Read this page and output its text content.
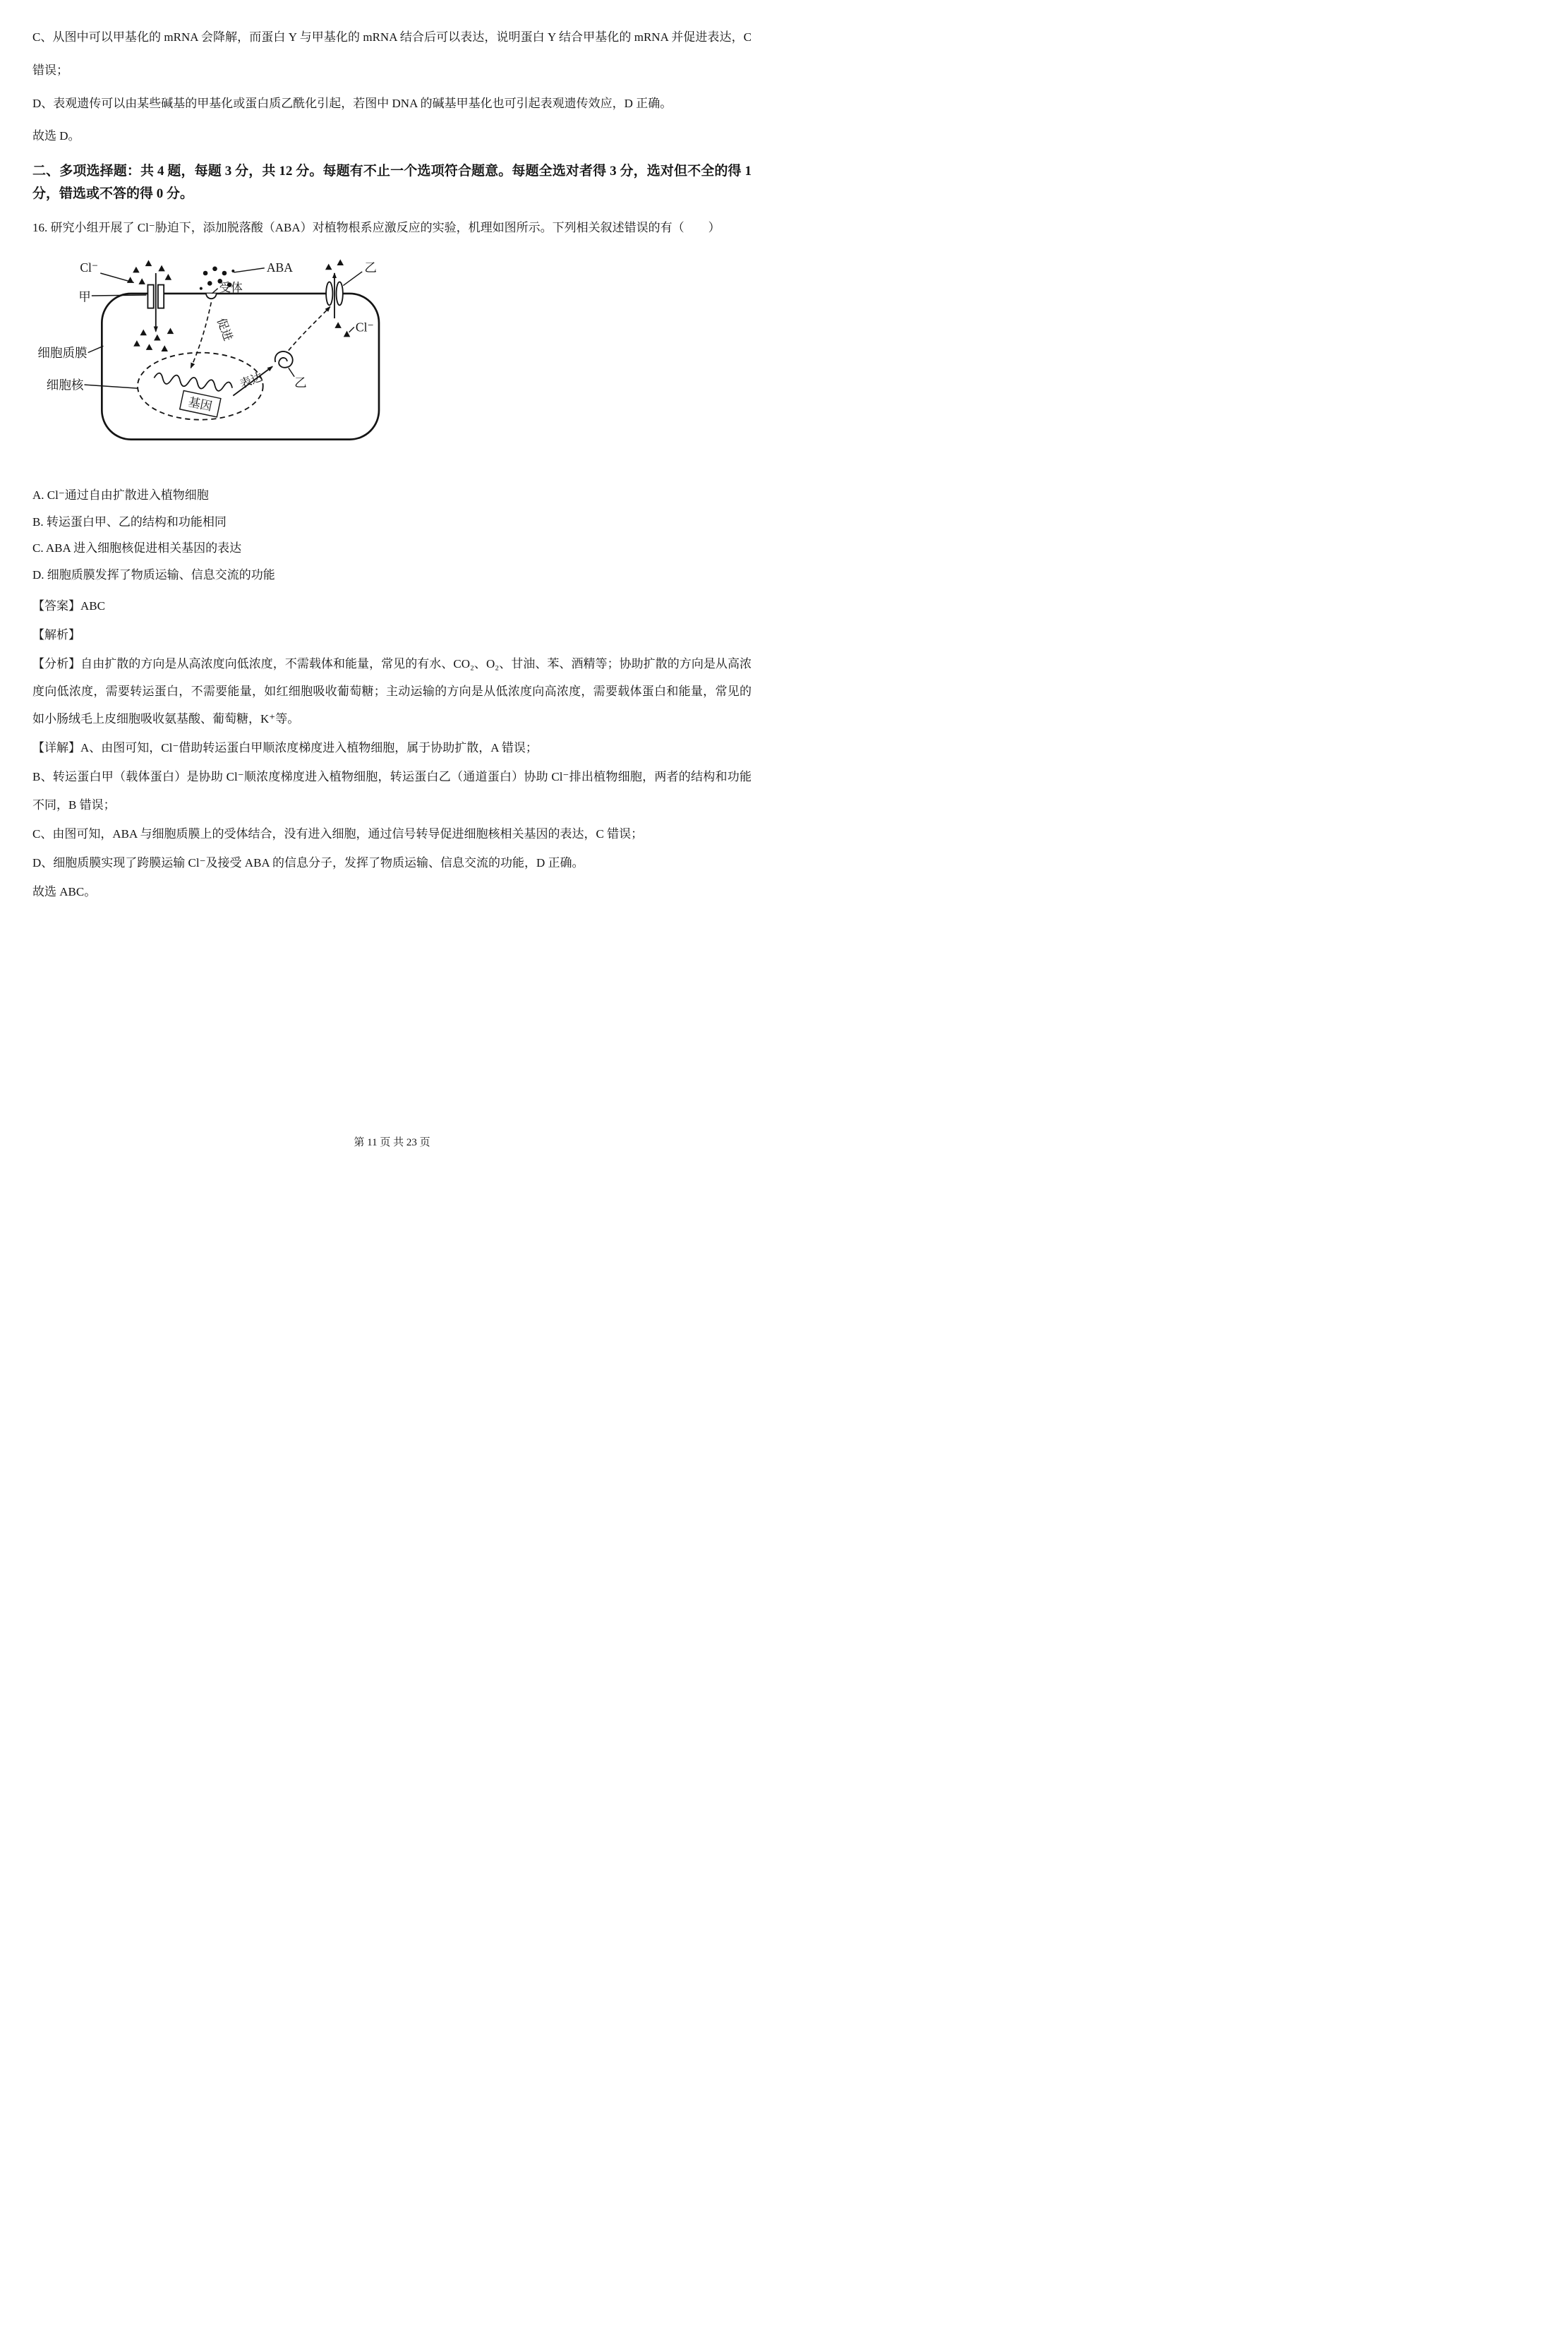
C、从图中可以甲基化的 mRNA 会降解，而蛋白 Y 与甲基化的 mRNA 结合后可以表达，说明蛋白 Y 结合甲基化的 mRNA 并促进表达，C 错误；

D、表观遗传可以由某些碱基的甲基化或蛋白质乙酰化引起，若图中 DNA 的碱基甲基化也可引起表观遗传效应，D 正确。

故选 D。

二、多项选择题：共 4 题，每题 3 分，共 12 分。每题有不止一个选项符合题意。每题全选对者得 3 分，选对但不全的得 1 分，错选或不答的得 0 分。

16. 研究小组开展了 Cl⁻胁迫下，添加脱落酸（ABA）对植物根系应激反应的实验，机理如图所示。下列相关叙述错误的有（　　）

基因
Cl⁻
甲
ABA
受体
乙
Cl⁻
细胞质膜
细胞核
促进
表达 乙

A. Cl⁻通过自由扩散进入植物细胞

B. 转运蛋白甲、乙的结构和功能相同

C. ABA 进入细胞核促进相关基因的表达

D. 细胞质膜发挥了物质运输、信息交流的功能

【答案】ABC

【解析】

【分析】自由扩散的方向是从高浓度向低浓度，不需载体和能量，常见的有水、CO₂、O₂、甘油、苯、酒精等；协助扩散的方向是从高浓度向低浓度，需要转运蛋白，不需要能量，如红细胞吸收葡萄糖；主动运输的方向是从低浓度向高浓度，需要载体蛋白和能量，常见的如小肠绒毛上皮细胞吸收氨基酸、葡萄糖，K⁺等。

【详解】A、由图可知，Cl⁻借助转运蛋白甲顺浓度梯度进入植物细胞，属于协助扩散，A 错误；

B、转运蛋白甲（载体蛋白）是协助 Cl⁻顺浓度梯度进入植物细胞，转运蛋白乙（通道蛋白）协助 Cl⁻排出植物细胞，两者的结构和功能不同，B 错误；

C、由图可知，ABA 与细胞质膜上的受体结合，没有进入细胞，通过信号转导促进细胞核相关基因的表达，C 错误；

D、细胞质膜实现了跨膜运输 Cl⁻及接受 ABA 的信息分子，发挥了物质运输、信息交流的功能，D 正确。

故选 ABC。

第 11 页 共 23 页
